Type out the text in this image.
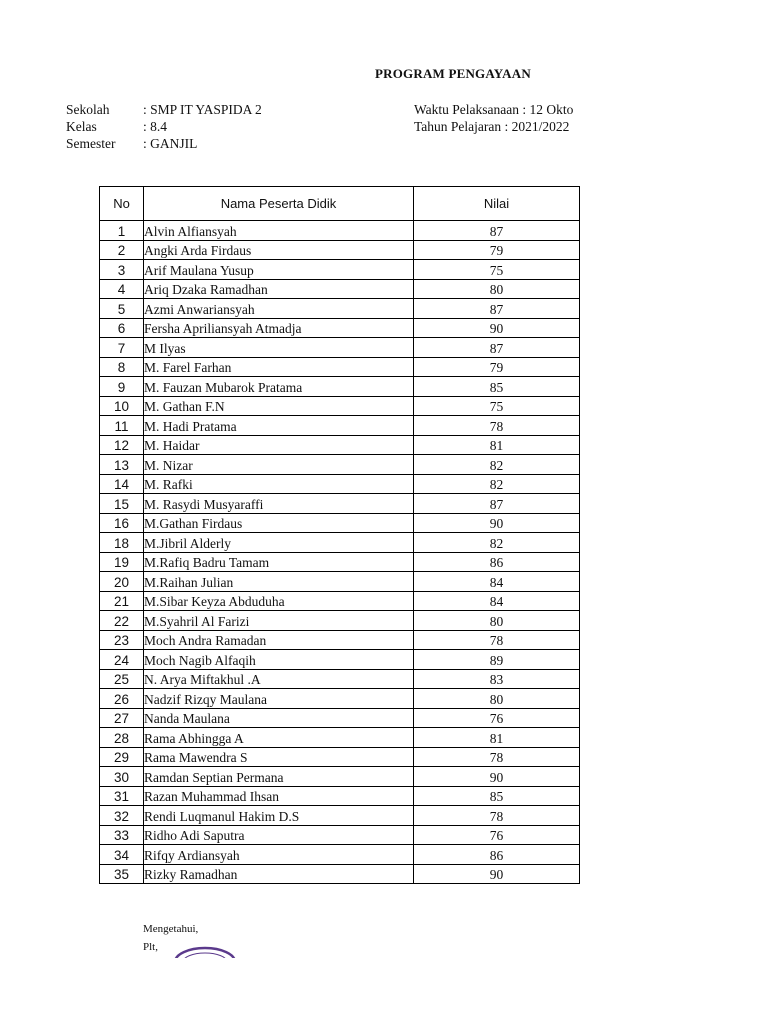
PROGRAM PENGAYAAN
Sekolah : SMP IT YASPIDA 2	Waktu Pelaksanaan : 12 Okto
Kelas	: 8.4	Tahun Pelajaran : 2021/2022
Semester : GANJIL
No	Nama Peserta Didik	Nilai
1	Alvin Alfiansyah	87
2	Angki Arda Firdaus	79
3	Arif Maulana Yusup	75
4	Ariq Dzaka Ramadhan	80
5	Azmi Anwariansyah	87
6	Fersha Apriliansyah Atmadja	90
7	M Ilyas	87
8	M. Farel Farhan	79
9	M. Fauzan Mubarok Pratama	85
10	M. Gathan F.N	75
11	M. Hadi Pratama	78
12	M. Haidar	81
13	M. Nizar	82
14	M. Rafki	82
15	M. Rasydi Musyaraffi	87
16	M.Gathan Firdaus	90
18	M.Jibril Alderly	82
19	M.Rafiq Badru Tamam	86
20	M.Raihan Julian	84
21	M.Sibar Keyza Abduduha	84
22	M.Syahril Al Farizi	80
23	Moch Andra Ramadan	78
24	Moch Nagib Alfaqih	89
25	N. Arya Miftakhul .A	83
26	Nadzif Rizqy Maulana	80
27	Nanda Maulana	76
28	Rama Abhingga A	81
29	Rama Mawendra S	78
30	Ramdan Septian Permana	90
31	Razan Muhammad Ihsan	85
32	Rendi Luqmanul Hakim D.S	78
33	Ridho Adi Saputra	76
34	Rifqy Ardiansyah	86
35	Rizky Ramadhan	90
Mengetahui,
Plt,
